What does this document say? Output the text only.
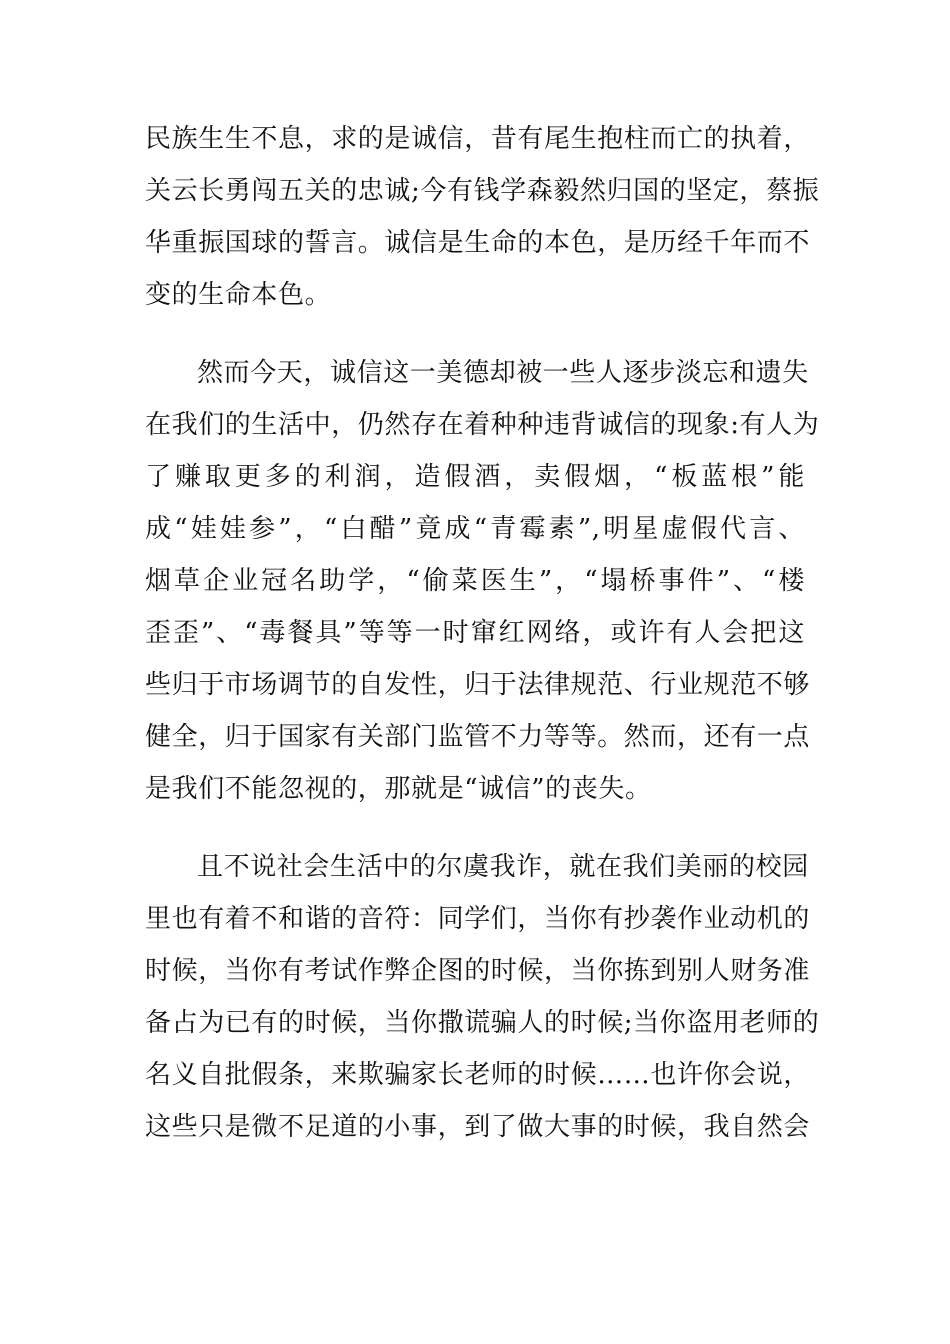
民族生生不息，求的是诚信，昔有尾生抱柱而亡的执着，
关云长勇闯五关的忠诚;今有钱学森毅然归国的坚定，蔡振
华重振国球的誓言。诚信是生命的本色，是历经千年而不
变的生命本色。
然而今天，诚信这一美德却被一些人逐步淡忘和遗失
在我们的生活中，仍然存在着种种违背诚信的现象:有人为
了赚取更多的利润，造假酒，卖假烟，“板蓝根”能
成“娃娃参”，“白醋”竟成“青霉素”,明星虚假代言、
烟草企业冠名助学，“偷菜医生”，“塌桥事件”、“楼
歪歪”、“毒餐具”等等一时窜红网络，或许有人会把这
些归于市场调节的自发性，归于法律规范、行业规范不够
健全，归于国家有关部门监管不力等等。然而，还有一点
是我们不能忽视的，那就是“诚信”的丧失。
且不说社会生活中的尔虞我诈，就在我们美丽的校园
里也有着不和谐的音符：同学们，当你有抄袭作业动机的
时候，当你有考试作弊企图的时候，当你拣到别人财务准
备占为已有的时候，当你撒谎骗人的时候;当你盗用老师的
名义自批假条，来欺骗家长老师的时候……也许你会说，
这些只是微不足道的小事，到了做大事的时候，我自然会
